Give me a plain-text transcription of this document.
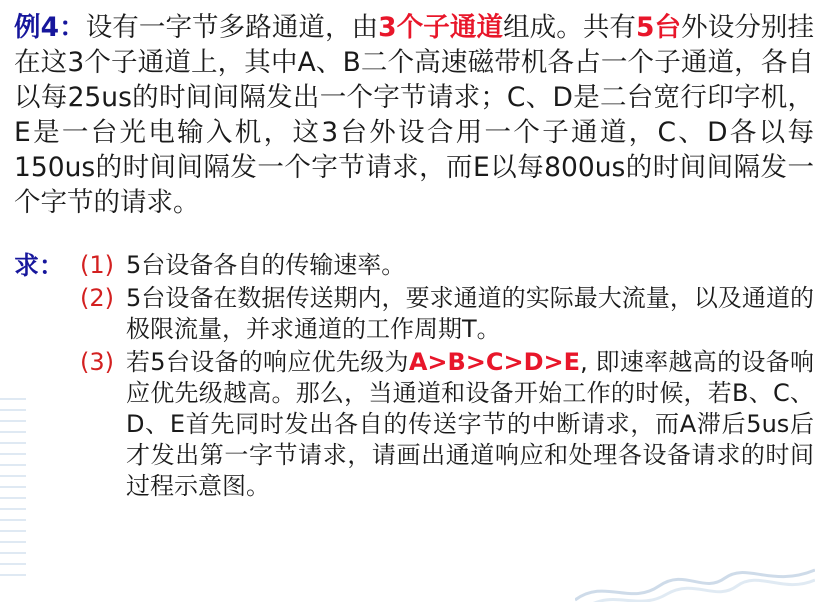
例4：设有一字节多路通道，由3个子通道组成。共有5台外设分别挂在这3个子通道上，其中A、B二个高速磁带机各占一个子通道，各自以每25us的时间间隔发出一个字节请求；C、D是二台宽行印字机，E是一台光电输入机，这3台外设合用一个子通道，C、D各以每150us的时间间隔发一个字节请求，而E以每800us的时间间隔发一个字节的请求。
求： (1) 5台设备各自的传输速率。
(2) 5台设备在数据传送期内，要求通道的实际最大流量，以及通道的极限流量，并求通道的工作周期T。
(3) 若5台设备的响应优先级为A>B>C>D>E, 即速率越高的设备响应优先级越高。那么，当通道和设备开始工作的时候，若B、C、D、E首先同时发出各自的传送字节的中断请求，而A滞后5us后才发出第一字节请求，请画出通道响应和处理各设备请求的时间过程示意图。
